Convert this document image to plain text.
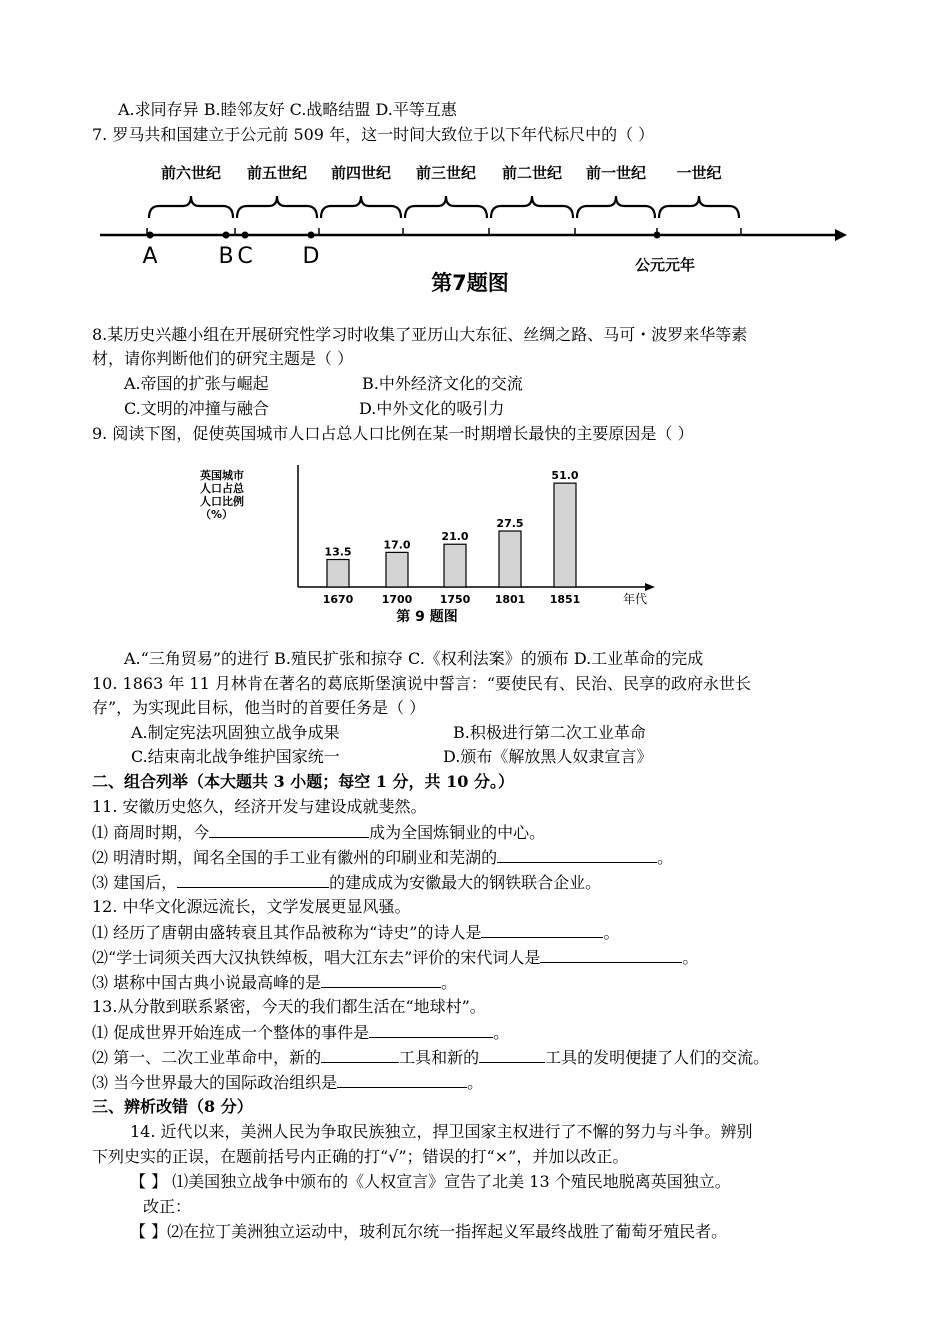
A.求同存异 B.睦邻友好 C.战略结盟 D.平等互惠
7. 罗马共和国建立于公元前 509 年，这一时间大致位于以下年代标尺中的（ ）
前六世纪 前五世纪 前四世纪 前三世纪 前二世纪 前一世纪 一世纪
A	B C D	公元元年
第7题图
8.某历史兴趣小组在开展研究性学习时收集了亚历山大东征、丝绸之路、马可・波罗来华等素
材，请你判断他们的研究主题是（ ）
A.帝国的扩张与崛起	B.中外经济文化的交流
C.文明的冲撞与融合	D.中外文化的吸引力
9. 阅读下图，促使英国城市人口占总人口比例在某一时期增长最快的主要原因是（ ）
英国城市
人口占总
人口比例
（%）
13.5
1670
17.0
1700
21.0
1750
27.5
1801
51.0
1851	年代
第 9 题图
A.“三角贸易”的进行 B.殖民扩张和掠夺 C.《权利法案》的颁布 D.工业革命的完成
10. 1863 年 11 月林肯在著名的葛底斯堡演说中誓言：“要使民有、民治、民享的政府永世长
存”，为实现此目标，他当时的首要任务是（ ）
A.制定宪法巩固独立战争成果	B.积极进行第二次工业革命
C.结束南北战争维护国家统一	D.颁布《解放黑人奴隶宣言》
二、组合列举（本大题共 3 小题；每空 1 分，共 10 分。）
11. 安徽历史悠久，经济开发与建设成就斐然。
⑴ 商周时期，今	成为全国炼铜业的中心。
⑵ 明清时期，闻名全国的手工业有徽州的印刷业和芜湖的	。
⑶ 建国后，	的建成成为安徽最大的钢铁联合企业。
12. 中华文化源远流长，文学发展更显风骚。
⑴ 经历了唐朝由盛转衰且其作品被称为“诗史”的诗人是	。
⑵“学士词须关西大汉执铁绰板，唱大江东去”评价的宋代词人是	。
⑶ 堪称中国古典小说最高峰的是	。
13.从分散到联系紧密，今天的我们都生活在“地球村”。
⑴ 促成世界开始连成一个整体的事件是	。
⑵ 第一、二次工业革命中，新的	工具和新的	工具的发明便捷了人们的交流。
⑶ 当今世界最大的国际政治组织是	。
三、辨析改错（8 分）
14. 近代以来，美洲人民为争取民族独立，捍卫国家主权进行了不懈的努力与斗争。辨别
下列史实的正误，在题前括号内正确的打“√”；错误的打“×”，并加以改正。
【 】 ⑴美国独立战争中颁布的《人权宣言》宣告了北美 13 个殖民地脱离英国独立。
改正：
【 】⑵在拉丁美洲独立运动中，玻利瓦尔统一指挥起义军最终战胜了葡萄牙殖民者。
